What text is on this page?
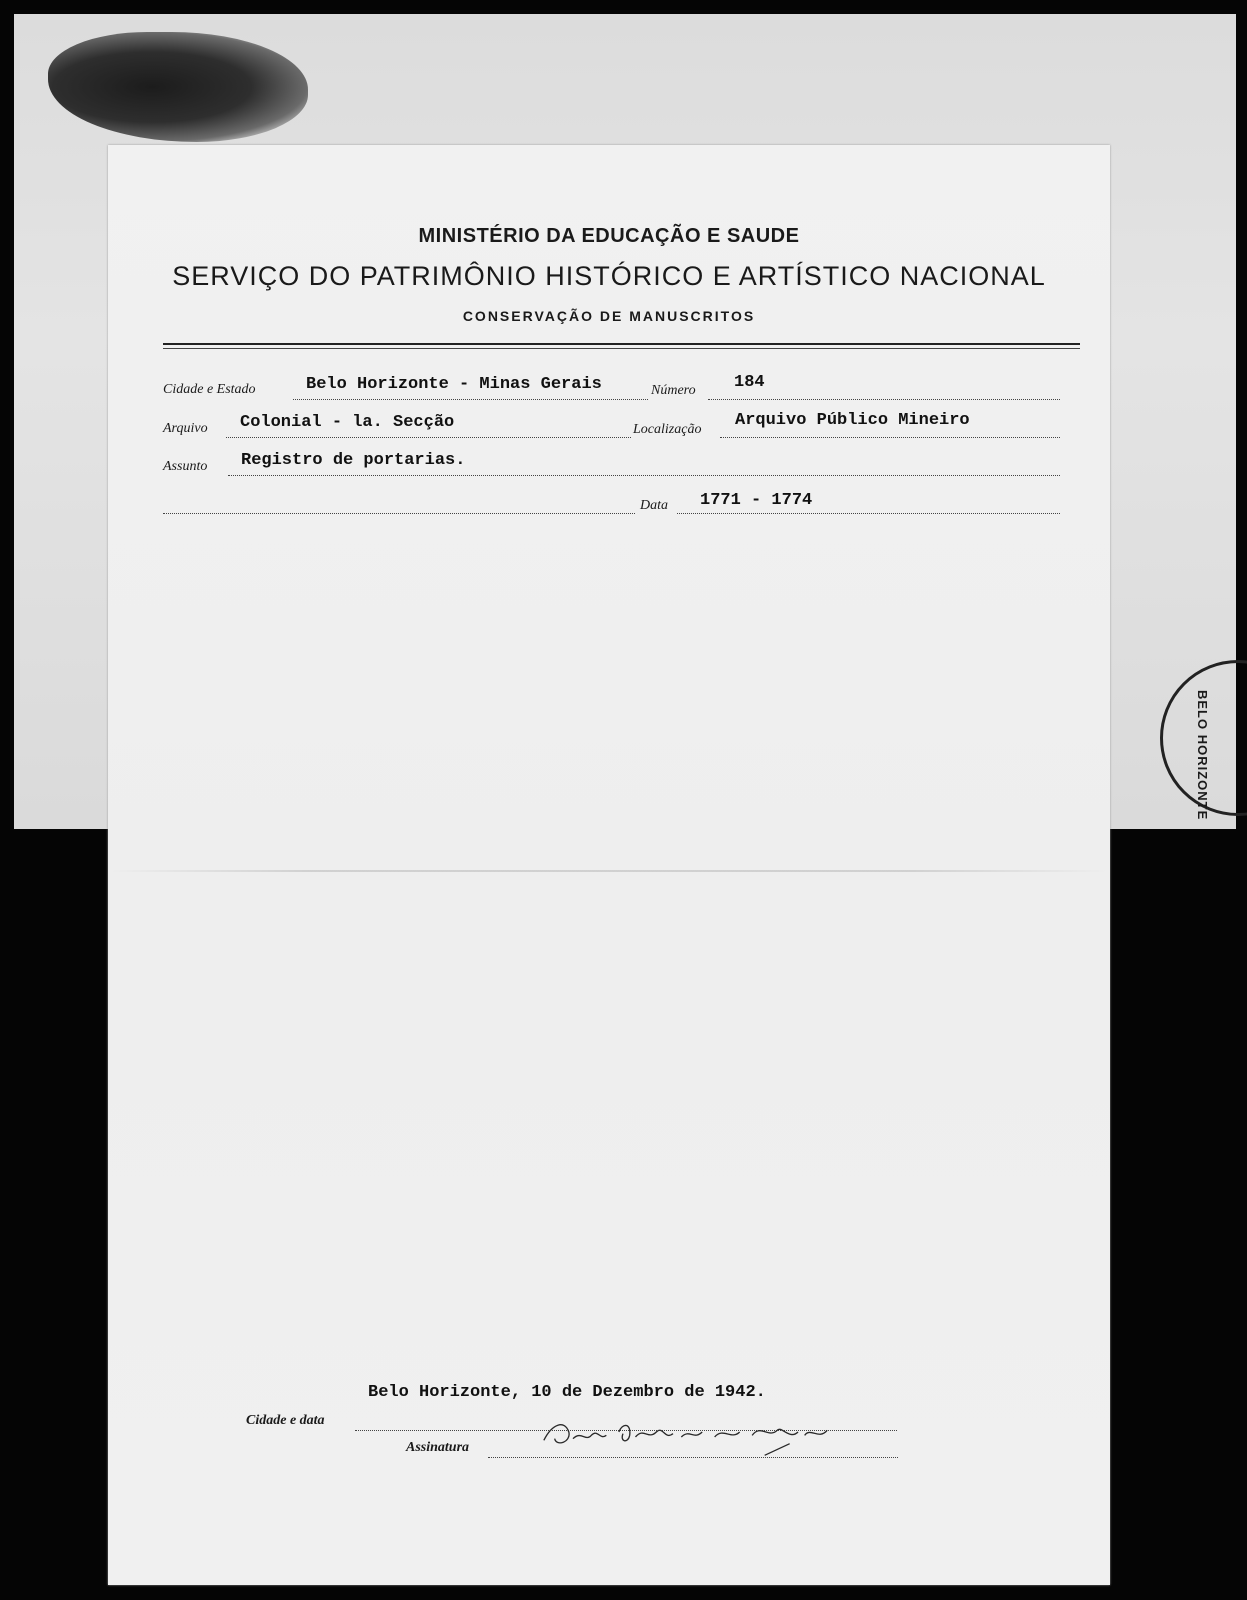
BELO HORIZONTE
MINISTÉRIO DA EDUCAÇÃO E SAUDE
SERVIÇO DO PATRIMÔNIO HISTÓRICO E ARTÍSTICO NACIONAL
CONSERVAÇÃO DE MANUSCRITOS
Cidade e Estado	Belo Horizonte - Minas Gerais	Número 184
Arquivo Colonial - la. Secção	Localização Arquivo Público Mineiro
Assunto Registro de portarias.
Data 1771 - 1774
Cidade e data
Belo Horizonte, 10 de Dezembro de 1942.
Assinatura
